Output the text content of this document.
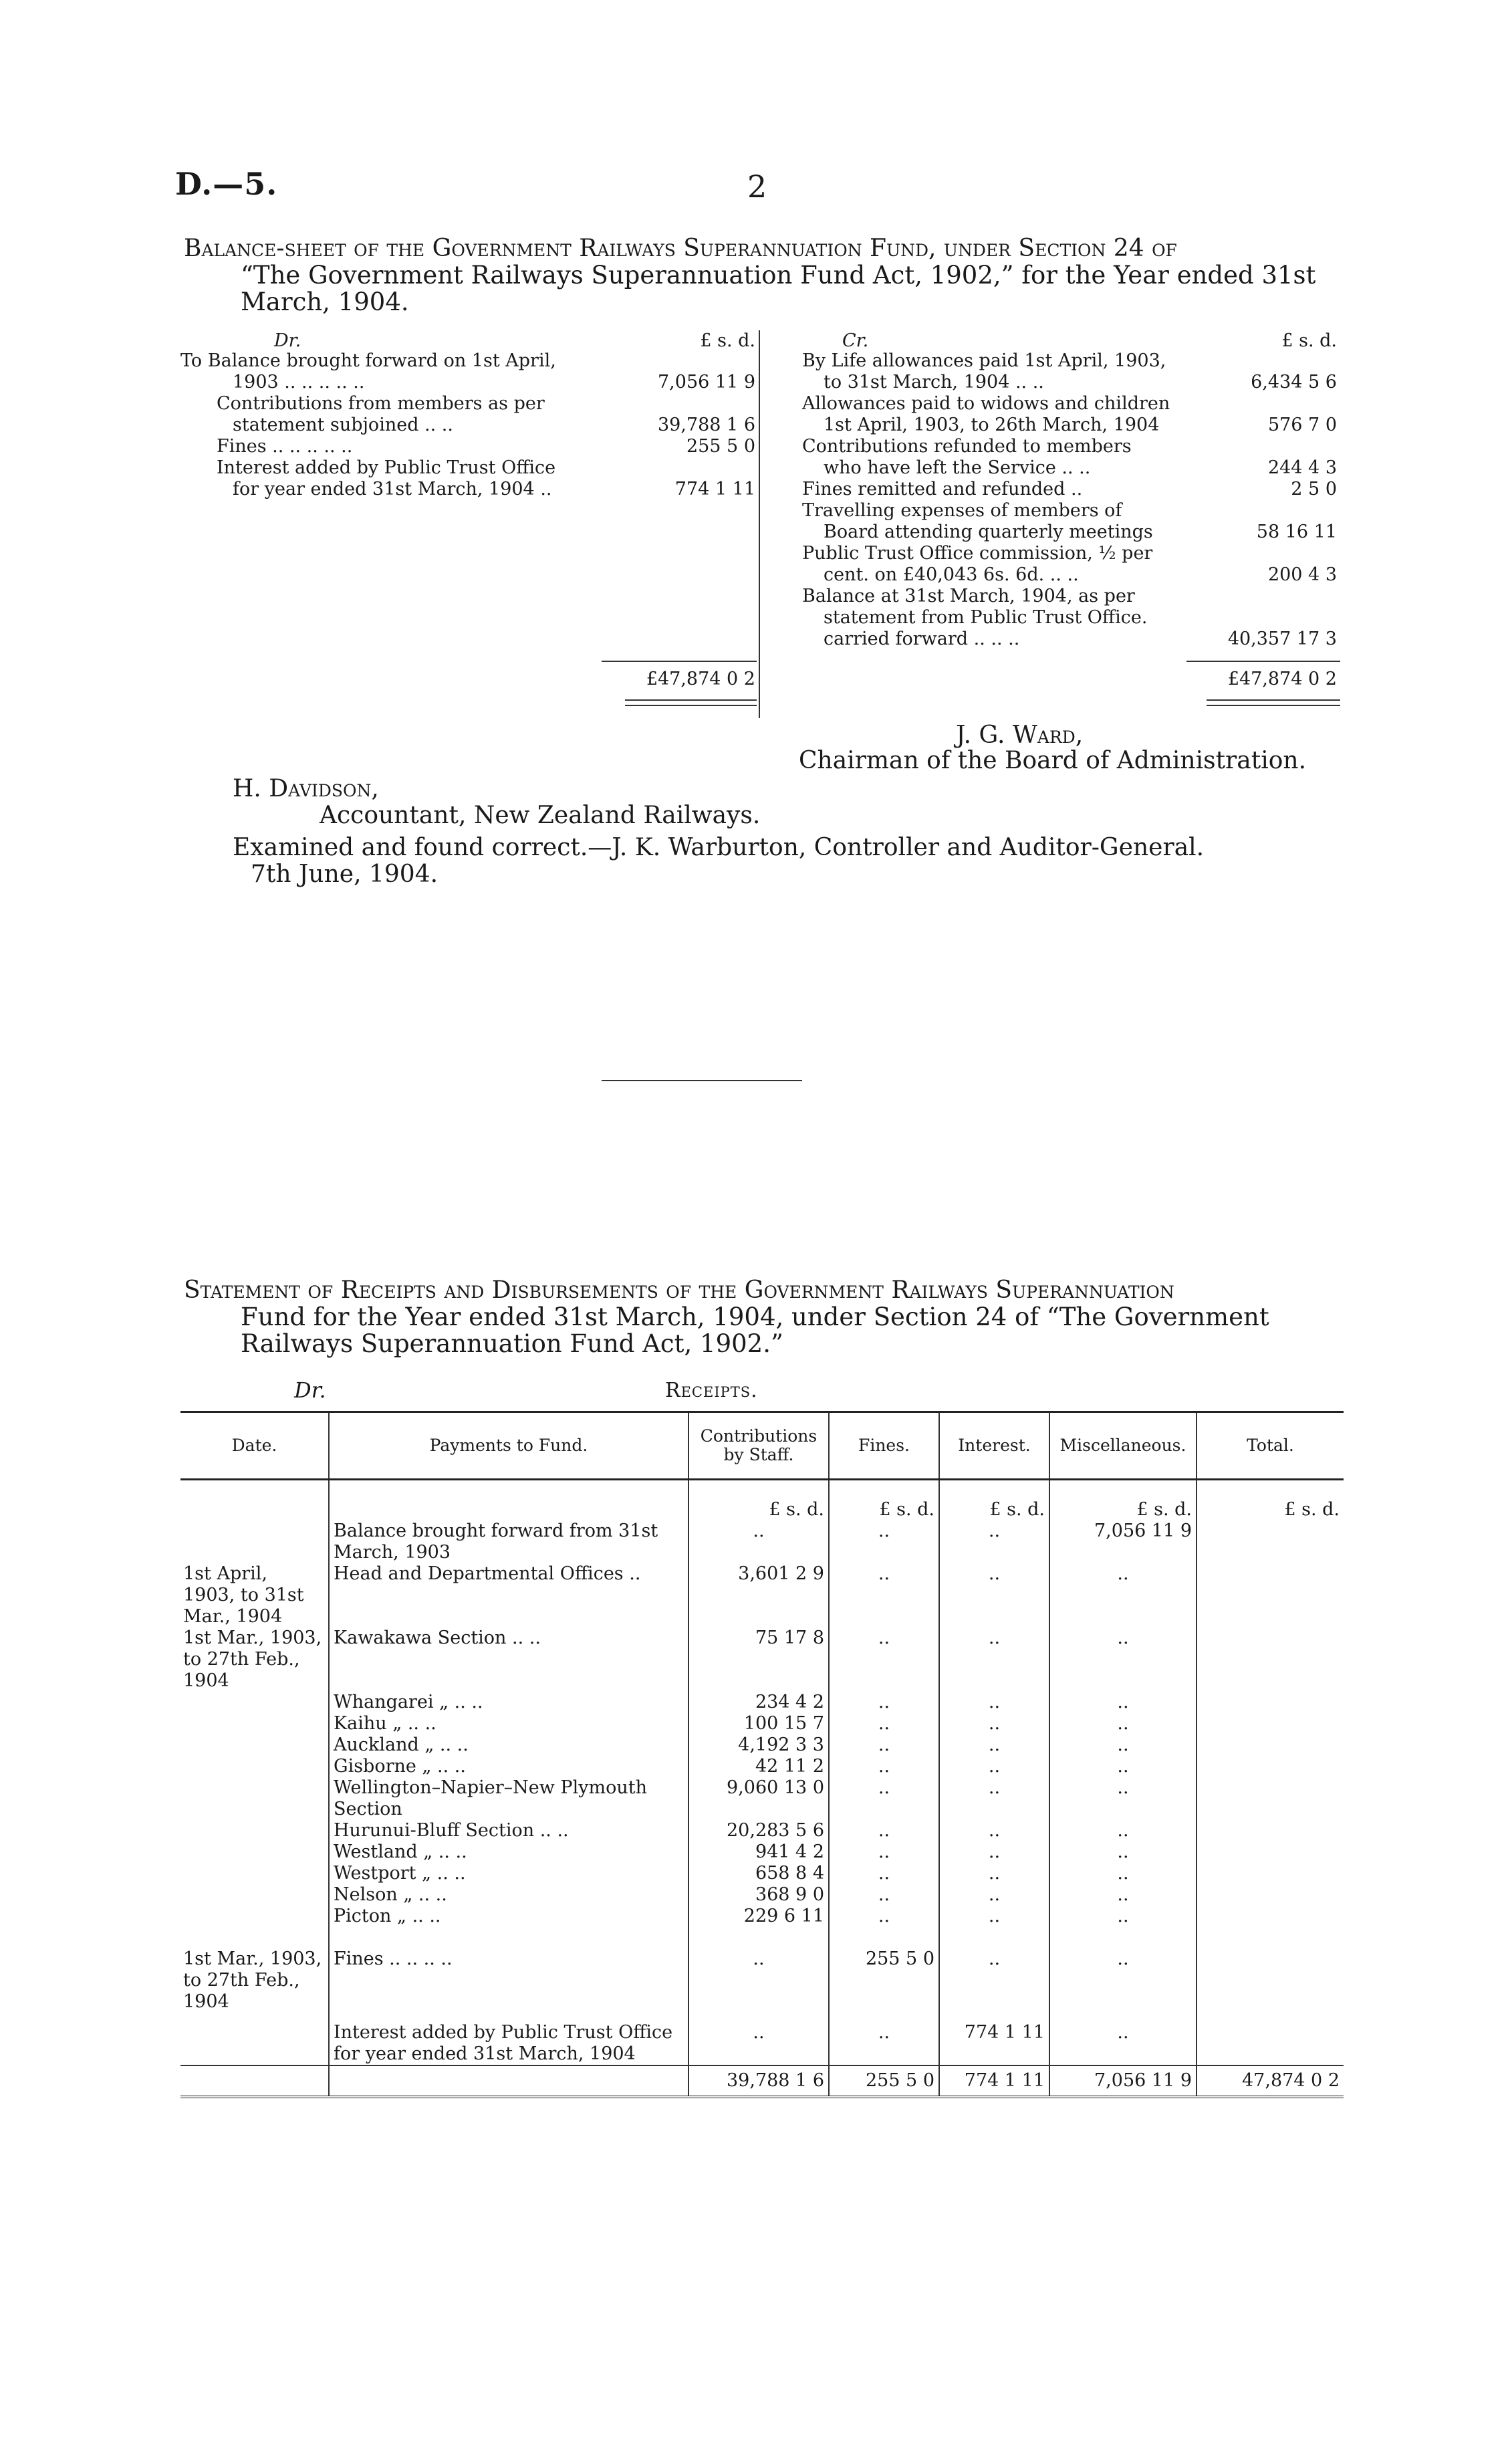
D.—5.	2
Balance-sheet of the Government Railways Superannuation Fund, under Section 24 of
“The Government Railways Superannuation Fund Act, 1902,” for the Year ended 31st
March, 1904.
Dr.	£ s. d.
To Balance brought forward on 1st April,
1903 .. .. .. .. ..	7,056 11 9
Contributions from members as per
statement subjoined .. ..	39,788 1 6
Fines .. .. .. .. ..	255 5 0
Interest added by Public Trust Office
for year ended 31st March, 1904 ..	774 1 11
£47,874 0 2
Cr.	£ s. d.
By Life allowances paid 1st April, 1903,
to 31st March, 1904 .. ..	6,434 5 6
Allowances paid to widows and children
1st April, 1903, to 26th March, 1904	576 7 0
Contributions refunded to members
who have left the Service .. ..	244 4 3
Fines remitted and refunded ..	2 5 0
Travelling expenses of members of
Board attending quarterly meetings	58 16 11
Public Trust Office commission, ½ per
cent. on £40,043 6s. 6d. .. ..	200 4 3
Balance at 31st March, 1904, as per
statement from Public Trust Office.
carried forward .. .. ..	40,357 17 3
£47,874 0 2
J. G. Ward,
Chairman of the Board of Administration.
H. Davidson,
Accountant, New Zealand Railways.
Examined and found correct.—J. K. Warburton, Controller and Auditor-General.
7th June, 1904.
Statement of Receipts and Disbursements of the Government Railways Superannuation
Fund for the Year ended 31st March, 1904, under Section 24 of “The Government
Railways Superannuation Fund Act, 1902.”
Dr.	Receipts.
Date.	Payments to Fund.	Contributions by Staff.	Fines.	Interest.	Miscellaneous.	Total.
		£ s. d.	£ s. d.	£ s. d.	£ s. d.	£ s. d.
	Balance brought forward from 31st March, 1903	..	..	..	7,056 11 9	
1st April, 1903, to 31st Mar., 1904	Head and Departmental Offices ..	3,601 2 9	..	..	..	
1st Mar., 1903, to 27th Feb., 1904	Kawakawa Section .. ..	75 17 8	..	..	..	
	Whangarei „ .. ..	234 4 2	..	..	..	
	Kaihu „ .. ..	100 15 7	..	..	..	
	Auckland „ .. ..	4,192 3 3	..	..	..	
	Gisborne „ .. ..	42 11 2	..	..	..	
	Wellington–Napier–New Plymouth Section	9,060 13 0	..	..	..	
	Hurunui-Bluff Section .. ..	20,283 5 6	..	..	..	
	Westland „ .. ..	941 4 2	..	..	..	
	Westport „ .. ..	658 8 4	..	..	..	
	Nelson „ .. ..	368 9 0	..	..	..	
	Picton „ .. ..	229 6 11	..	..	..	
1st Mar., 1903, to 27th Feb., 1904	Fines .. .. .. ..	..	255 5 0	..	..	
	Interest added by Public Trust Office for year ended 31st March, 1904	..	..	774 1 11	..	
		39,788 1 6	255 5 0	774 1 11	7,056 11 9	47,874 0 2
